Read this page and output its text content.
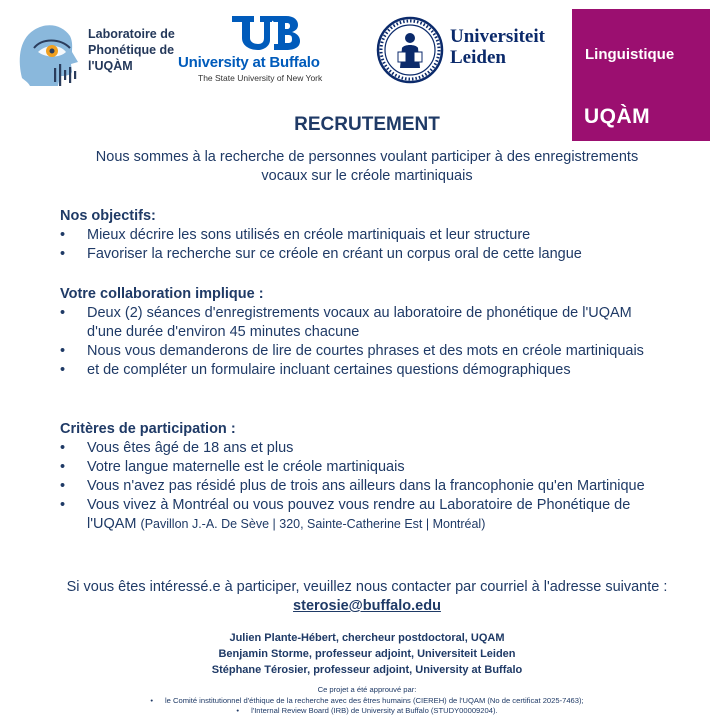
Laboratoire de
Phonétique de
l'UQÀM	University at Buffalo
The State University of New York
Universiteit
Leiden	Linguistique
UQÀM
RECRUTEMENT
Nous sommes à la recherche de personnes voulant participer à des enregistrements vocaux sur le créole martiniquais
Nos objectifs:
• Mieux décrire les sons utilisés en créole martiniquais et leur structure
• Favoriser la recherche sur ce créole en créant un corpus oral de cette langue
Votre collaboration implique :
• Deux (2) séances d'enregistrements vocaux au laboratoire de phonétique de l'UQAM d'une durée d'environ 45 minutes chacune
• Nous vous demanderons de lire de courtes phrases et des mots en créole martiniquais
• et de compléter un formulaire incluant certaines questions démographiques
Critères de participation :
• Vous êtes âgé de 18 ans et plus
• Votre langue maternelle est le créole martiniquais
• Vous n'avez pas résidé plus de trois ans ailleurs dans la francophonie qu'en Martinique
• Vous vivez à Montréal ou vous pouvez vous rendre au Laboratoire de Phonétique de l'UQAM (Pavillon J.-A. De Sève | 320, Sainte-Catherine Est | Montréal)
Si vous êtes intéressé.e à participer, veuillez nous contacter par courriel à l'adresse suivante : sterosie@buffalo.edu
Julien Plante-Hébert, chercheur postdoctoral, UQAM
Benjamin Storme, professeur adjoint, Universiteit Leiden
Stéphane Térosier, professeur adjoint, University at Buffalo
Ce projet a été approuvé par:
• le Comité institutionnel d'éthique de la recherche avec des êtres humains (CIEREH) de l'UQAM (No de certificat 2025-7463);
• l'Internal Review Board (IRB) de University at Buffalo (STUDY00009204).
